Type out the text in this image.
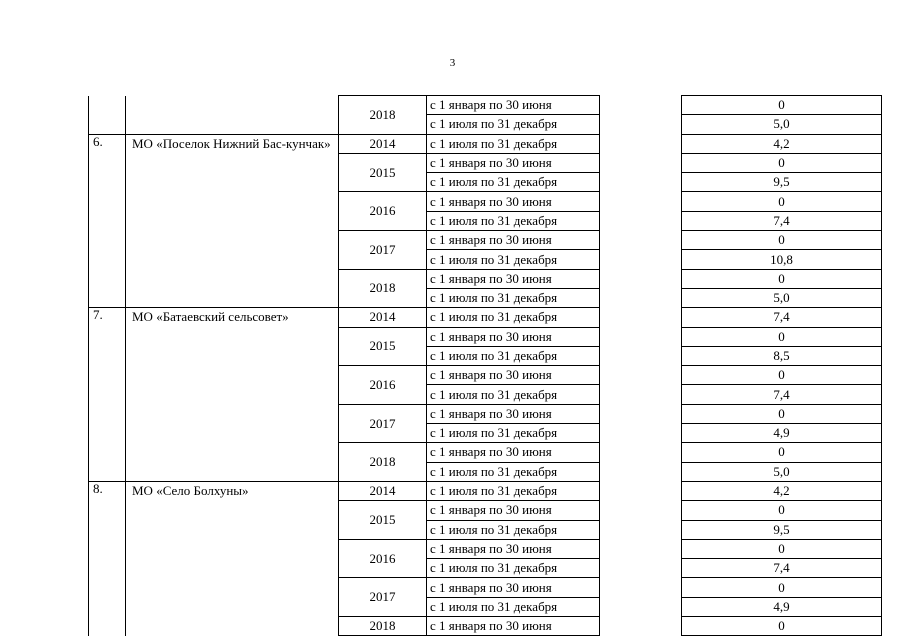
3
		2018	с 1 января по 30 июня		0
			с 1 июля по 31 декабря		5,0
6.	МО «Поселок Нижний Бас-кунчак»	2014	с 1 июля по 31 декабря		4,2
		2015	с 1 января по 30 июня		0
			с 1 июля по 31 декабря		9,5
		2016	с 1 января по 30 июня		0
			с 1 июля по 31 декабря		7,4
		2017	с 1 января по 30 июня		0
			с 1 июля по 31 декабря		10,8
		2018	с 1 января по 30 июня		0
			с 1 июля по 31 декабря		5,0
7.	МО «Батаевский сельсовет»	2014	с 1 июля по 31 декабря		7,4
		2015	с 1 января по 30 июня		0
			с 1 июля по 31 декабря		8,5
		2016	с 1 января по 30 июня		0
			с 1 июля по 31 декабря		7,4
		2017	с 1 января по 30 июня		0
			с 1 июля по 31 декабря		4,9
		2018	с 1 января по 30 июня		0
			с 1 июля по 31 декабря		5,0
8.	МО «Село Болхуны»	2014	с 1 июля по 31 декабря		4,2
		2015	с 1 января по 30 июня		0
			с 1 июля по 31 декабря		9,5
		2016	с 1 января по 30 июня		0
			с 1 июля по 31 декабря		7,4
		2017	с 1 января по 30 июня		0
			с 1 июля по 31 декабря		4,9
		2018	с 1 января по 30 июня		0
